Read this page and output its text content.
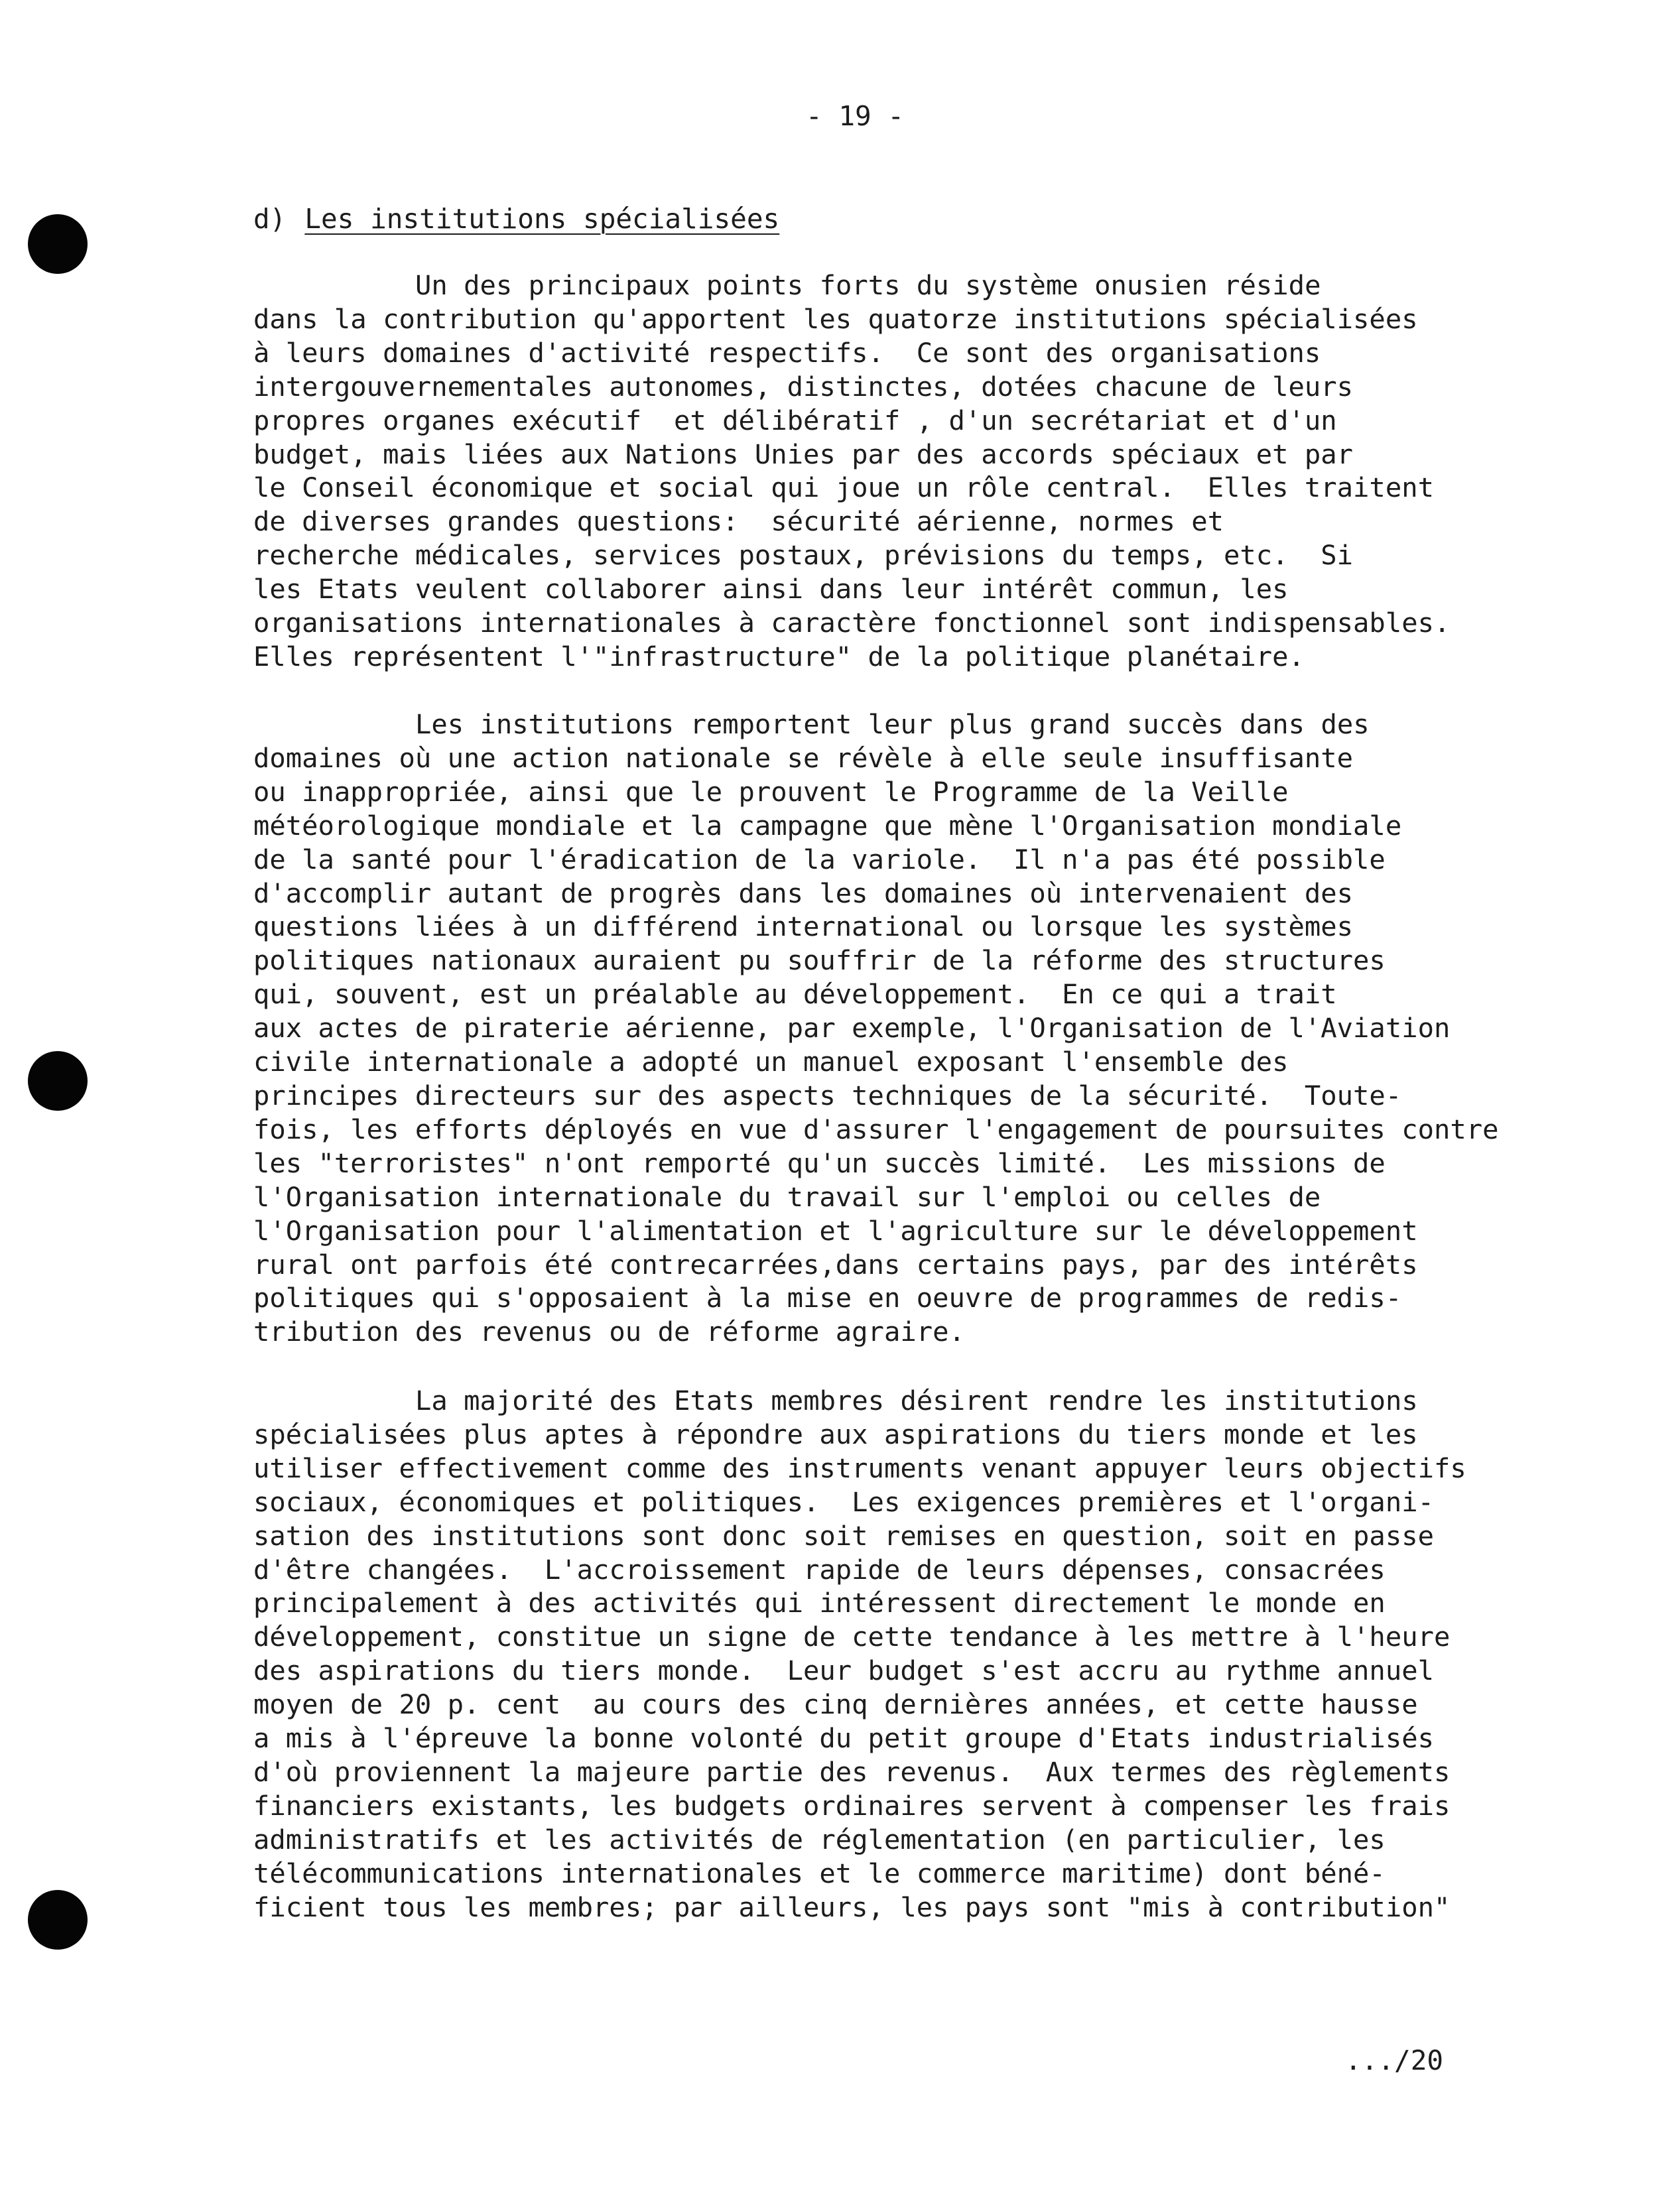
- 19 -
d) Les institutions spécialisées

Un des principaux points forts du système onusien réside
dans la contribution qu'apportent les quatorze institutions spécialisées
à leurs domaines d'activité respectifs.  Ce sont des organisations
intergouvernementales autonomes, distinctes, dotées chacune de leurs
propres organes exécutif  et délibératif , d'un secrétariat et d'un
budget, mais liées aux Nations Unies par des accords spéciaux et par
le Conseil économique et social qui joue un rôle central.  Elles traitent
de diverses grandes questions:  sécurité aérienne, normes et
recherche médicales, services postaux, prévisions du temps, etc.  Si
les Etats veulent collaborer ainsi dans leur intérêt commun, les
organisations internationales à caractère fonctionnel sont indispensables.
Elles représentent l'"infrastructure" de la politique planétaire.

Les institutions remportent leur plus grand succès dans des
domaines où une action nationale se révèle à elle seule insuffisante
ou inappropriée, ainsi que le prouvent le Programme de la Veille
météorologique mondiale et la campagne que mène l'Organisation mondiale
de la santé pour l'éradication de la variole.  Il n'a pas été possible
d'accomplir autant de progrès dans les domaines où intervenaient des
questions liées à un différend international ou lorsque les systèmes
politiques nationaux auraient pu souffrir de la réforme des structures
qui, souvent, est un préalable au développement.  En ce qui a trait
aux actes de piraterie aérienne, par exemple, l'Organisation de l'Aviation
civile internationale a adopté un manuel exposant l'ensemble des
principes directeurs sur des aspects techniques de la sécurité.  Toute-
fois, les efforts déployés en vue d'assurer l'engagement de poursuites contre
les "terroristes" n'ont remporté qu'un succès limité.  Les missions de
l'Organisation internationale du travail sur l'emploi ou celles de
l'Organisation pour l'alimentation et l'agriculture sur le développement
rural ont parfois été contrecarrées,dans certains pays, par des intérêts
politiques qui s'opposaient à la mise en oeuvre de programmes de redis-
tribution des revenus ou de réforme agraire.

La majorité des Etats membres désirent rendre les institutions
spécialisées plus aptes à répondre aux aspirations du tiers monde et les
utiliser effectivement comme des instruments venant appuyer leurs objectifs
sociaux, économiques et politiques.  Les exigences premières et l'organi-
sation des institutions sont donc soit remises en question, soit en passe
d'être changées.  L'accroissement rapide de leurs dépenses, consacrées
principalement à des activités qui intéressent directement le monde en
développement, constitue un signe de cette tendance à les mettre à l'heure
des aspirations du tiers monde.  Leur budget s'est accru au rythme annuel
moyen de 20 p. cent  au cours des cinq dernières années, et cette hausse
a mis à l'épreuve la bonne volonté du petit groupe d'Etats industrialisés
d'où proviennent la majeure partie des revenus.  Aux termes des règlements
financiers existants, les budgets ordinaires servent à compenser les frais
administratifs et les activités de réglementation (en particulier, les
télécommunications internationales et le commerce maritime) dont béné-
ficient tous les membres; par ailleurs, les pays sont "mis à contribution"

.../20
